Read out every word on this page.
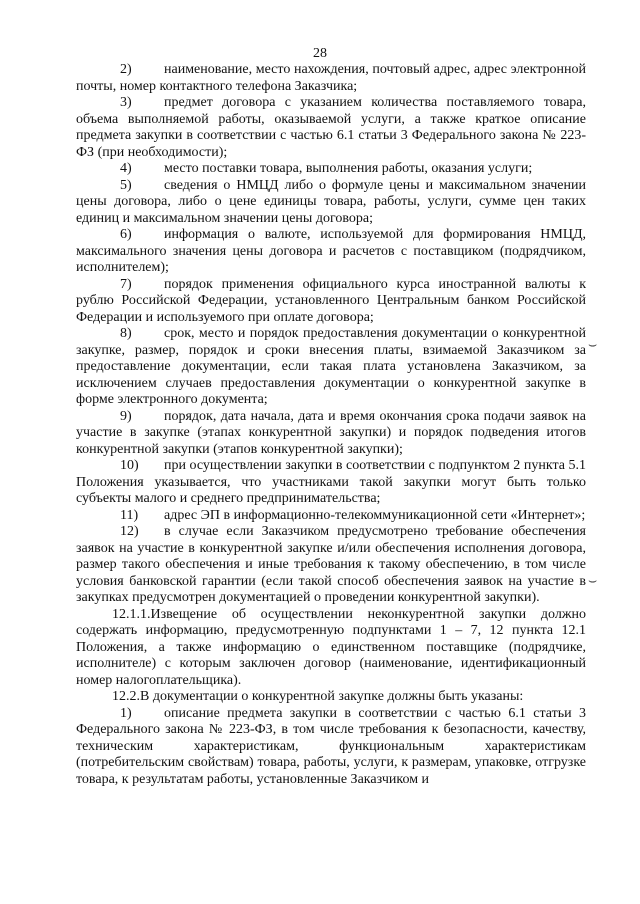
28

2) наименование, место нахождения, почтовый адрес, адрес электронной почты, номер контактного телефона Заказчика;

3) предмет договора с указанием количества поставляемого товара, объема выполняемой работы, оказываемой услуги, а также краткое описание предмета закупки в соответствии с частью 6.1 статьи 3 Федерального закона № 223-ФЗ (при необходимости);

4) место поставки товара, выполнения работы, оказания услуги;

5) сведения о НМЦД либо о формуле цены и максимальном значении цены договора, либо о цене единицы товара, работы, услуги, сумме цен таких единиц и максимальном значении цены договора;

6) информация о валюте, используемой для формирования НМЦД, максимального значения цены договора и расчетов с поставщиком (подрядчиком, исполнителем);

7) порядок применения официального курса иностранной валюты к рублю Российской Федерации, установленного Центральным банком Российской Федерации и используемого при оплате договора;

8) срок, место и порядок предоставления документации о конкурентной закупке, размер, порядок и сроки внесения платы, взимаемой Заказчиком за предоставление документации, если такая плата установлена Заказчиком, за исключением случаев предоставления документации о конкурентной закупке в форме электронного документа;

9) порядок, дата начала, дата и время окончания срока подачи заявок на участие в закупке (этапах конкурентной закупки) и порядок подведения итогов конкурентной закупки (этапов конкурентной закупки);

10) при осуществлении закупки в соответствии с подпунктом 2 пункта 5.1 Положения указывается, что участниками такой закупки могут быть только субъекты малого и среднего предпринимательства;

11) адрес ЭП в информационно-телекоммуникационной сети «Интернет»;

12) в случае если Заказчиком предусмотрено требование обеспечения заявок на участие в конкурентной закупке и/или обеспечения исполнения договора, размер такого обеспечения и иные требования к такому обеспечению, в том числе условия банковской гарантии (если такой способ обеспечения заявок на участие в закупках предусмотрен документацией о проведении конкурентной закупки).

12.1.1.Извещение об осуществлении неконкурентной закупки должно содержать информацию, предусмотренную подпунктами 1 – 7, 12 пункта 12.1 Положения, а также информацию о единственном поставщике (подрядчике, исполнителе) с которым заключен договор (наименование, идентификационный номер налогоплательщика).

12.2.В документации о конкурентной закупке должны быть указаны:

1) описание предмета закупки в соответствии с частью 6.1 статьи 3 Федерального закона № 223-ФЗ, в том числе требования к безопасности, качеству, техническим характеристикам, функциональным характеристикам (потребительским свойствам) товара, работы, услуги, к размерам, упаковке, отгрузке товара, к результатам работы, установленные Заказчиком и

⌣
⌣
